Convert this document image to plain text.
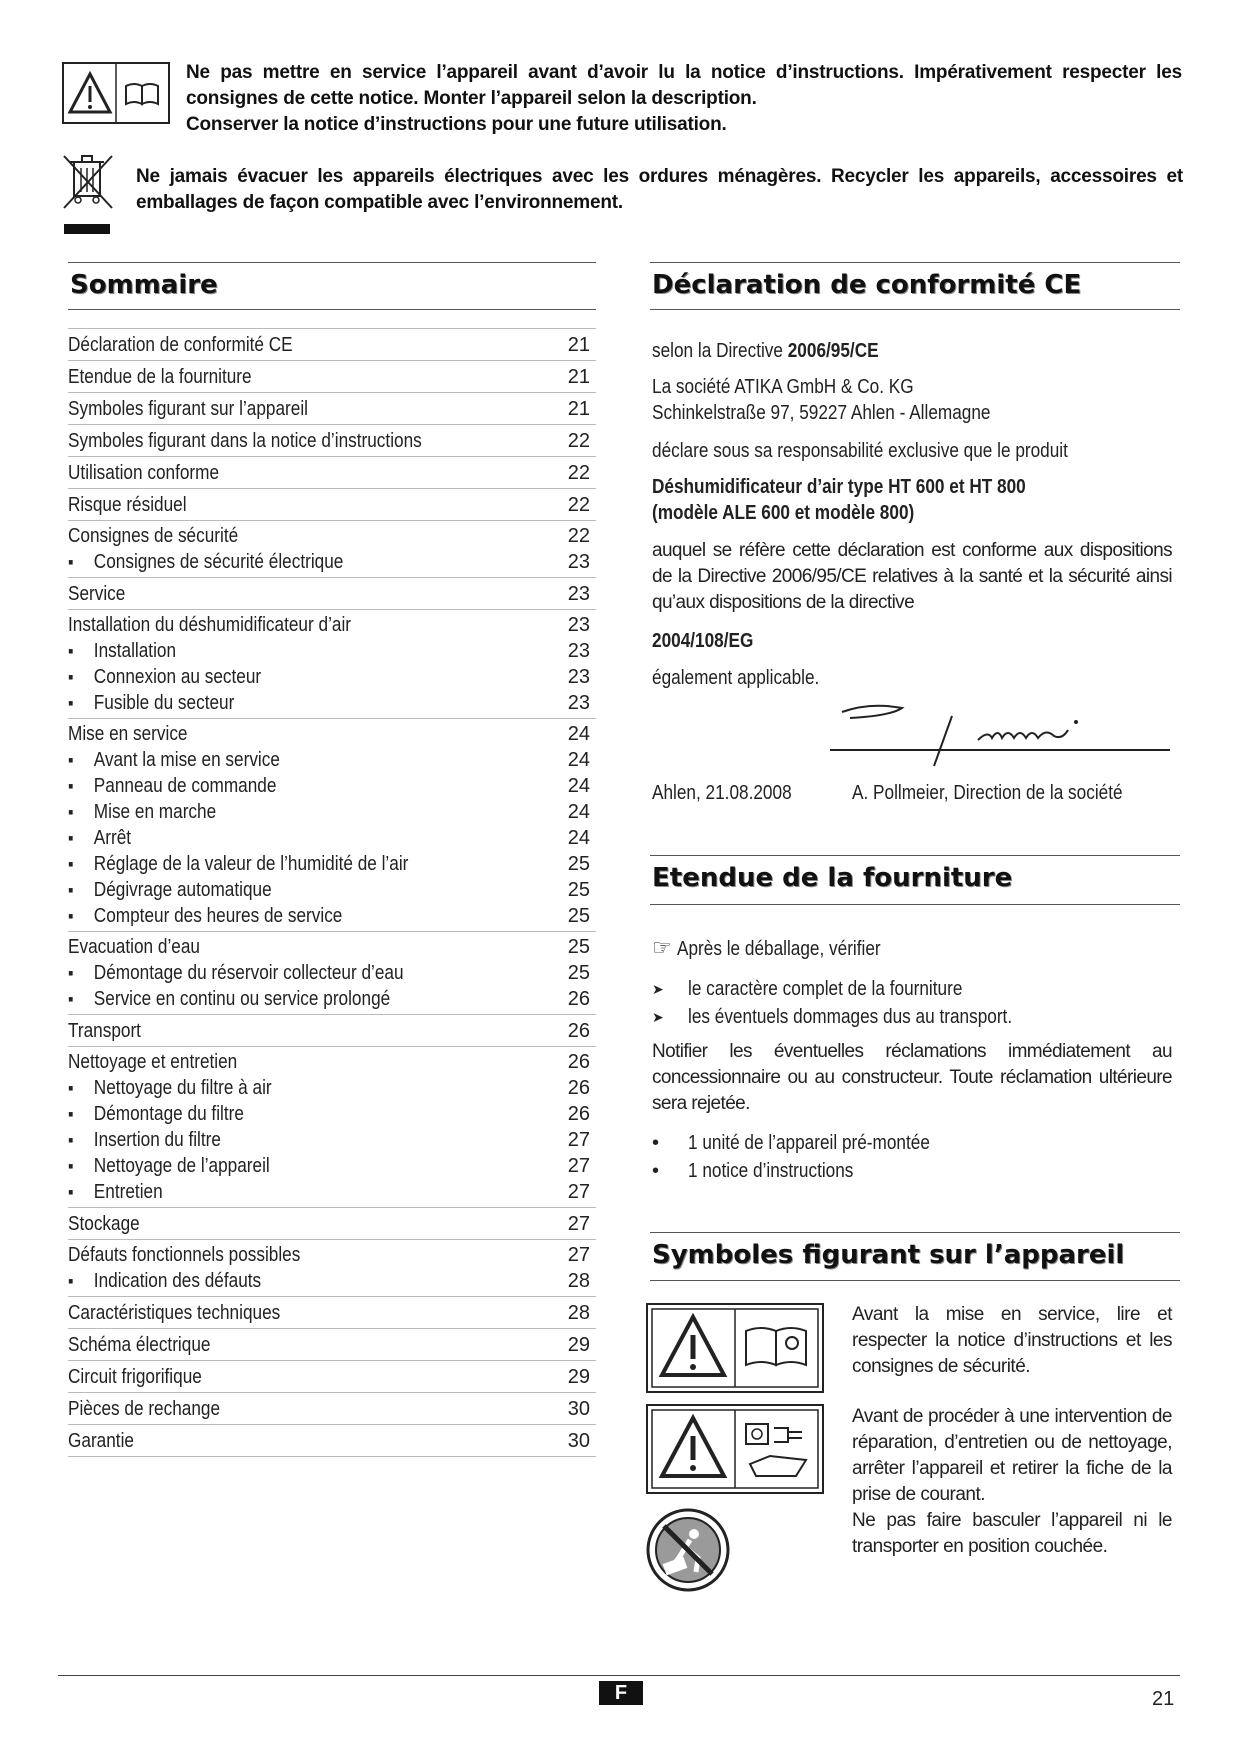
Ne pas mettre en service l’appareil avant d’avoir lu la notice d’instructions. Impérativement respecter les consignes de cette notice. Monter l’appareil selon la description.
Conserver la notice d’instructions pour une future utilisation.
Ne jamais évacuer les appareils électriques avec les ordures ménagères. Recycler les appareils, accessoires et emballages de façon compatible avec l’environnement.
Sommaire
Déclaration de conformité CE	21
Etendue de la fourniture	21
Symboles figurant sur l’appareil	21
Symboles figurant dans la notice d’instructions	22
Utilisation conforme	22
Risque résiduel	22
Consignes de sécurité	22
▪ Consignes de sécurité électrique	23
Service	23
Installation du déshumidificateur d’air	23
▪ Installation	23
▪ Connexion au secteur	23
▪ Fusible du secteur	23
Mise en service	24
▪ Avant la mise en service	24
▪ Panneau de commande	24
▪ Mise en marche	24
▪ Arrêt	24
▪ Réglage de la valeur de l’humidité de l’air	25
▪ Dégivrage automatique	25
▪ Compteur des heures de service	25
Evacuation d’eau	25
▪ Démontage du réservoir collecteur d’eau	25
▪ Service en continu ou service prolongé	26
Transport	26
Nettoyage et entretien	26
▪ Nettoyage du filtre à air	26
▪ Démontage du filtre	26
▪ Insertion du filtre	27
▪ Nettoyage de l’appareil	27
▪ Entretien	27
Stockage	27
Défauts fonctionnels possibles	27
▪ Indication des défauts	28
Caractéristiques techniques	28
Schéma électrique	29
Circuit frigorifique	29
Pièces de rechange	30
Garantie	30
Déclaration de conformité CE
selon la Directive 2006/95/CE
La société ATIKA GmbH & Co. KG
Schinkelstraße 97, 59227 Ahlen - Allemagne
déclare sous sa responsabilité exclusive que le produit
Déshumidificateur d’air type HT 600 et HT 800
(modèle ALE 600 et modèle 800)
auquel se réfère cette déclaration est conforme aux dispositions de la Directive 2006/95/CE relatives à la santé et la sécurité ainsi qu’aux dispositions de la directive
2004/108/EG
également applicable.
Ahlen, 21.08.2008	A. Pollmeier, Direction de la société
Etendue de la fourniture
☞ Après le déballage, vérifier
➤	le caractère complet de la fourniture
➤	les éventuels dommages dus au transport.
Notifier les éventuelles réclamations immédiatement au concessionnaire ou au constructeur. Toute réclamation ultérieure sera rejetée.
•	1 unité de l’appareil pré-montée
•	1 notice d’instructions
Symboles figurant sur l’appareil
Avant la mise en service, lire et respecter la notice d’instructions et les consignes de sécurité.
Avant de procéder à une intervention de réparation, d’entretien ou de nettoyage, arrêter l’appareil et retirer la fiche de la prise de courant.
Ne pas faire basculer l’appareil ni le transporter en position couchée.
F	21
